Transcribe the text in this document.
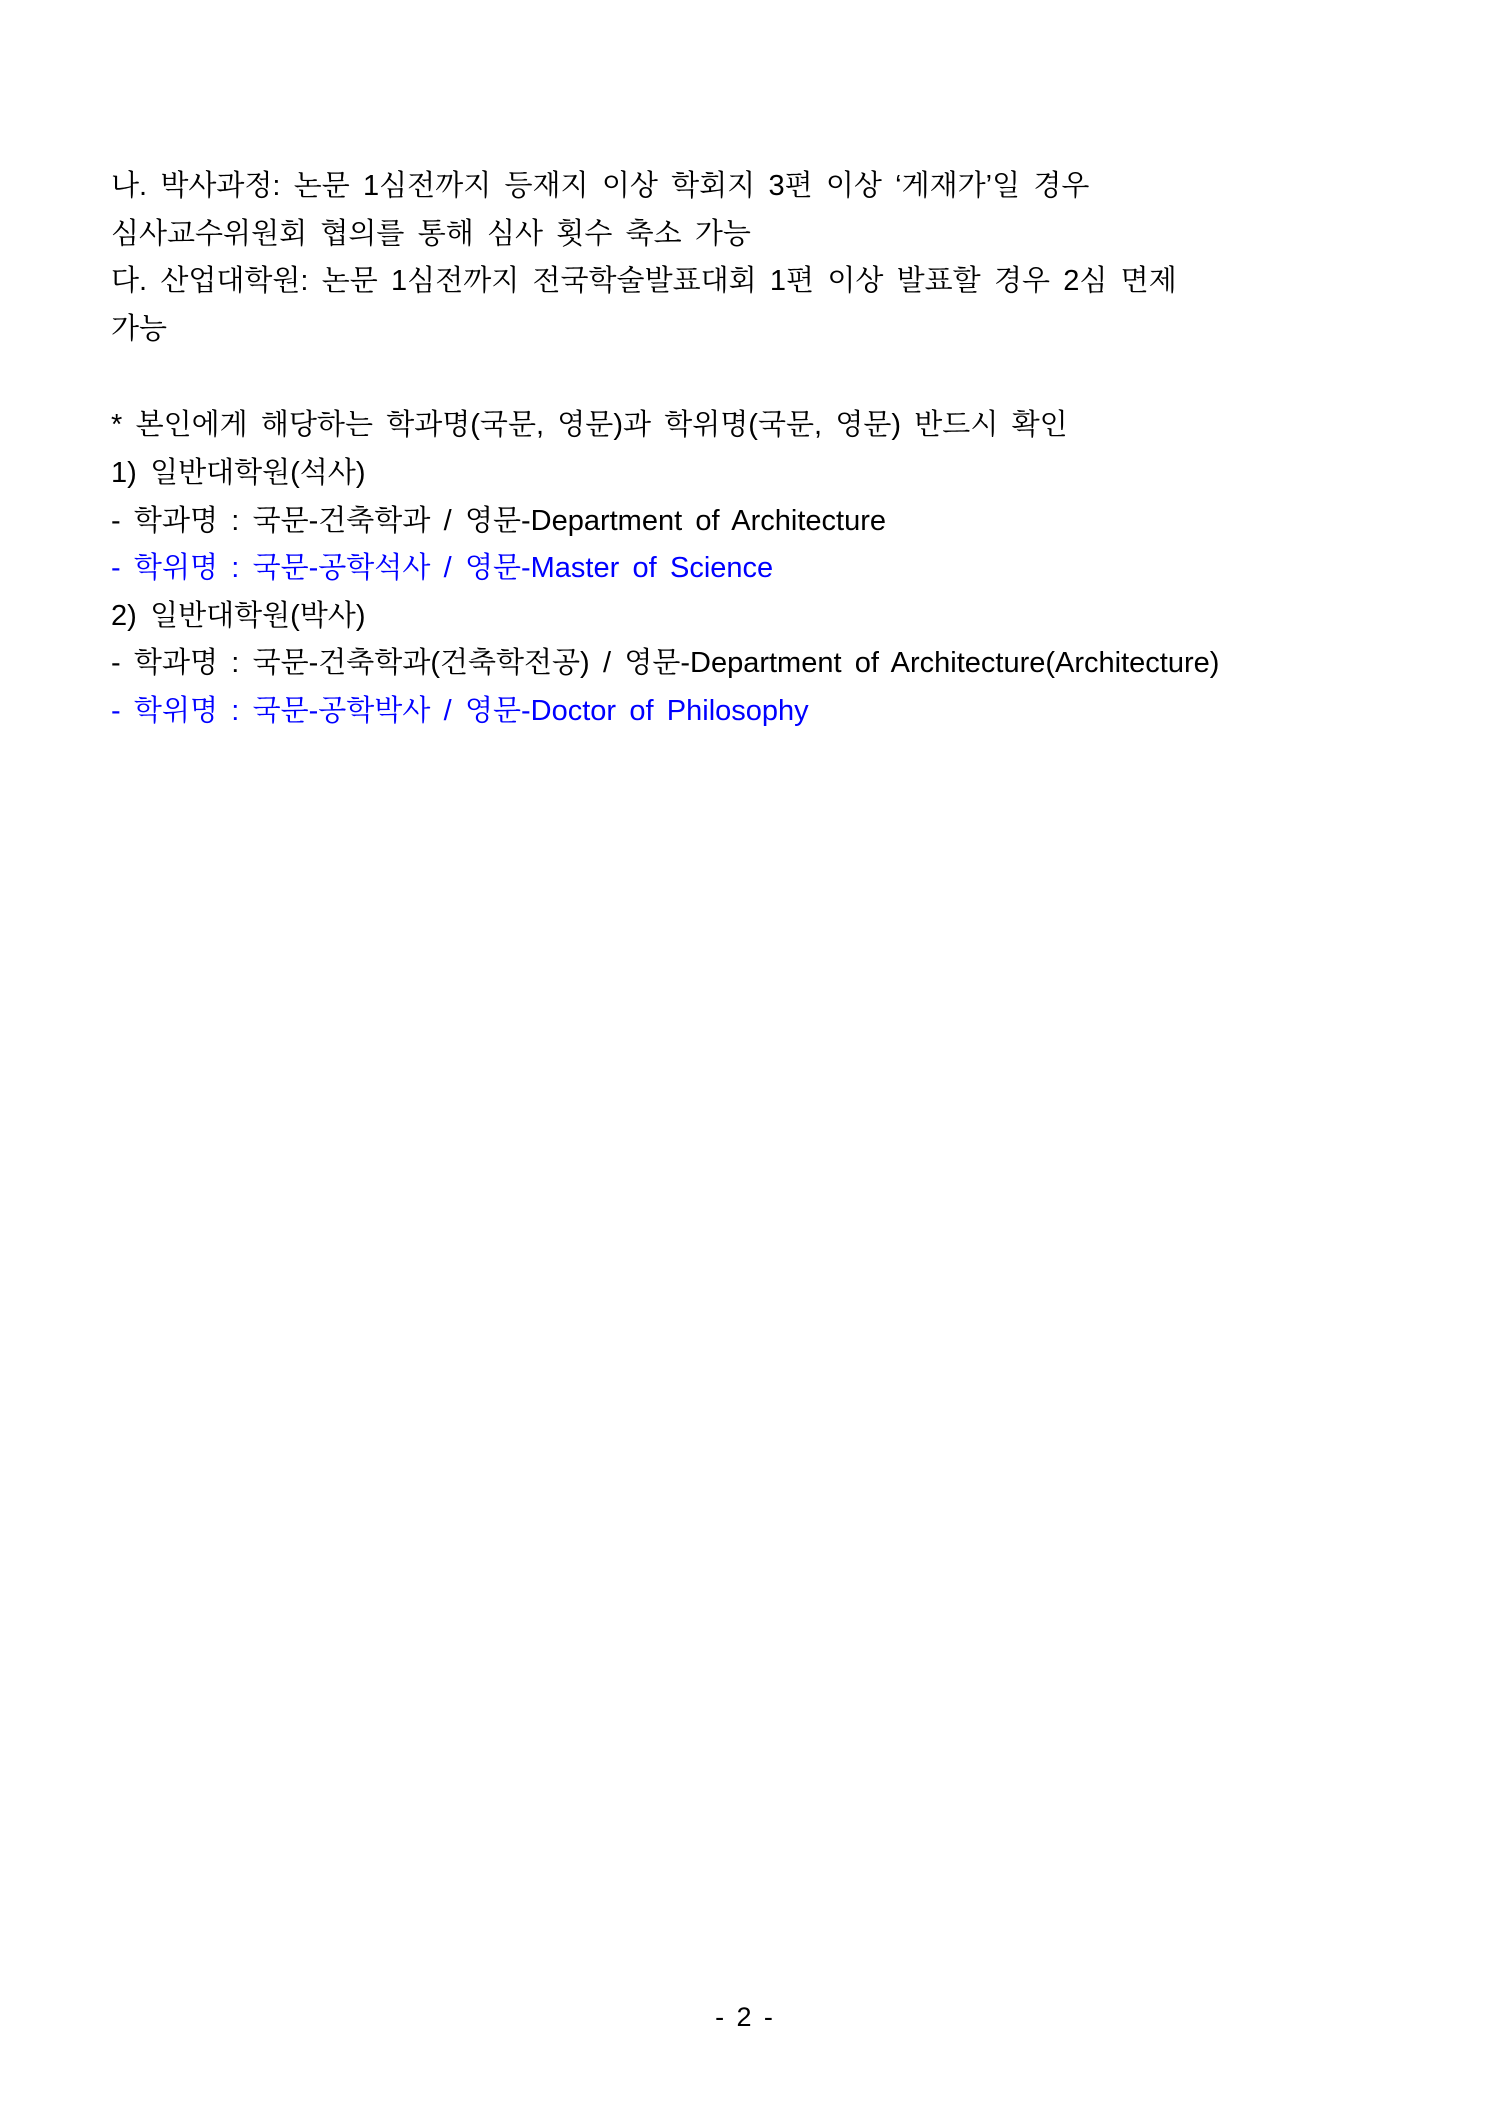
나. 박사과정: 논문 1심전까지 등재지 이상 학회지 3편 이상 ‘게재가’일 경우

심사교수위원회 협의를 통해 심사 횟수 축소 가능

다. 산업대학원: 논문 1심전까지 전국학술발표대회 1편 이상 발표할 경우 2심 면제

가능

* 본인에게 해당하는 학과명(국문, 영문)과 학위명(국문, 영문) 반드시 확인

1) 일반대학원(석사)

- 학과명 : 국문-건축학과 / 영문-Department of Architecture

- 학위명 : 국문-공학석사 / 영문-Master of Science

2) 일반대학원(박사)

- 학과명 : 국문-건축학과(건축학전공) / 영문-Department of Architecture(Architecture)

- 학위명 : 국문-공학박사 / 영문-Doctor of Philosophy

- 2 -
